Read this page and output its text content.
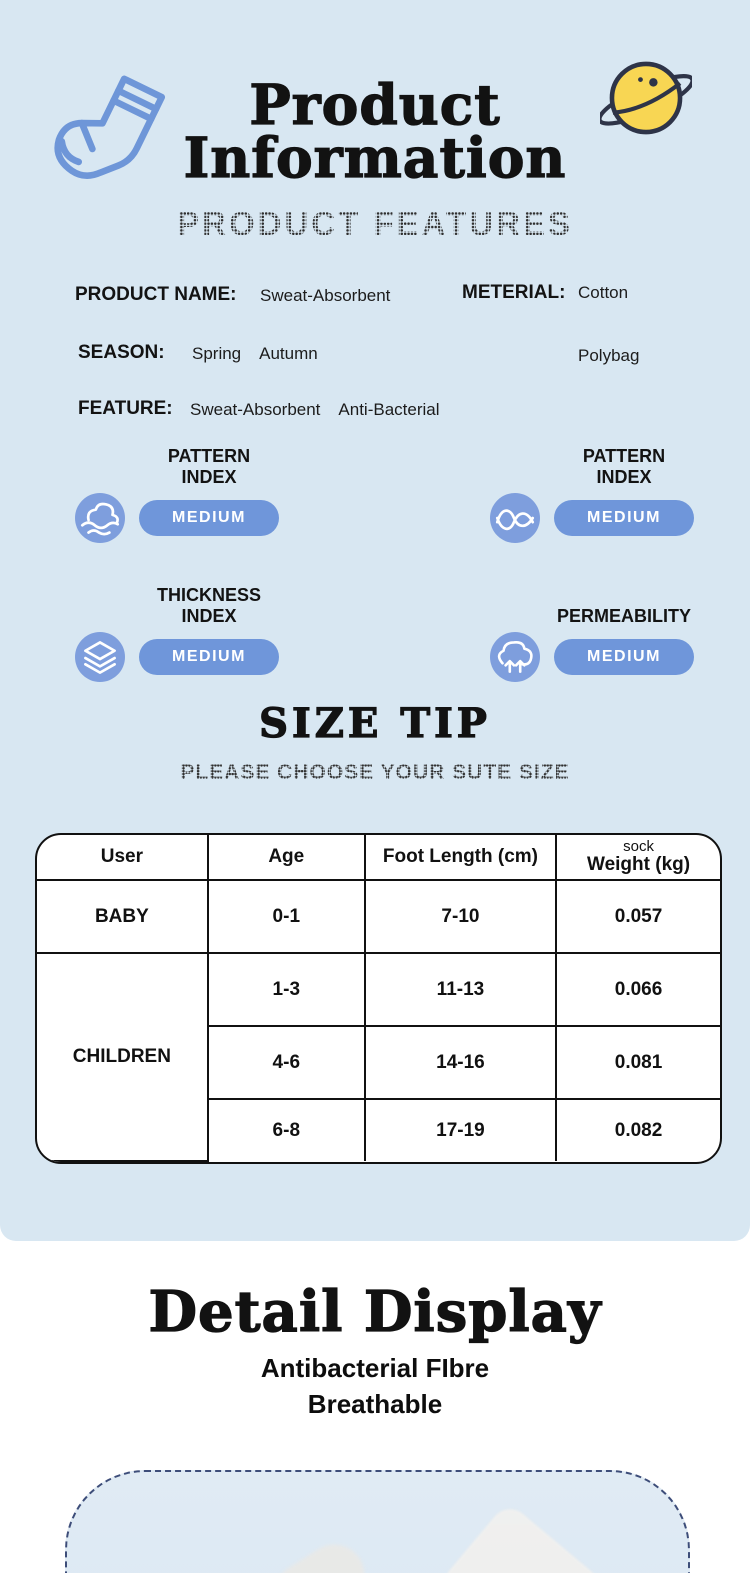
Product
Information
PRODUCT FEATURES
PRODUCT NAME: Sweat-Absorbent	METERIAL: Cotton
SEASON: Spring Autumn	Polybag
FEATURE: Sweat-Absorbent Anti-Bacterial
PATTERN
INDEX
MEDIUM
PATTERN
INDEX
MEDIUM
THICKNESS
INDEX
MEDIUM
PERMEABILITY
MEDIUM
SIZE TIP
PLEASE CHOOSE YOUR SUTE SIZE
User	Age	Foot Length (cm)	sock
Weight (kg)

BABY	0-1	7-10	0.057
CHILDREN	1-3	11-13	0.066
	4-6	14-16	0.081
	6-8	17-19	0.082
Detail Display
Antibacterial FIbre
Breathable
